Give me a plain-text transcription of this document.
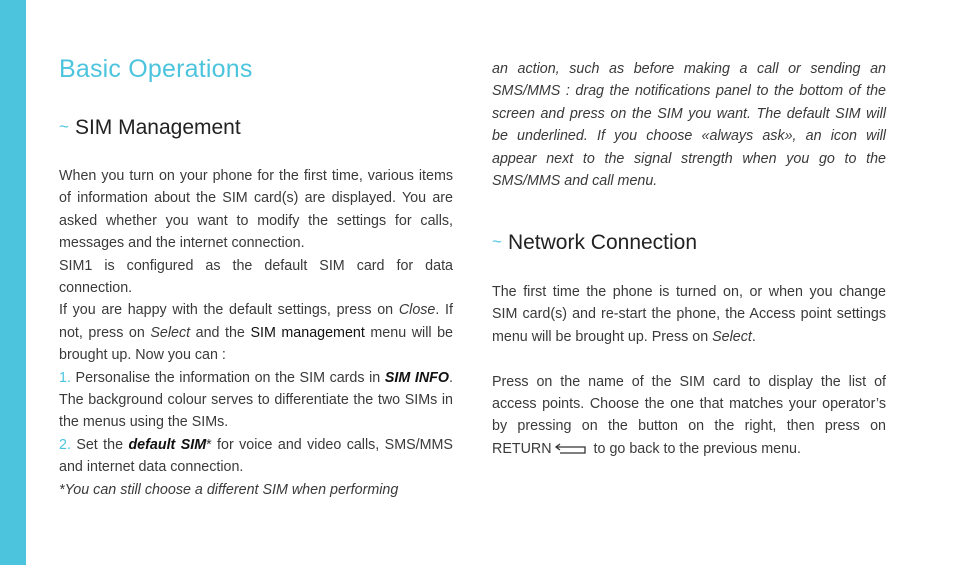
Basic Operations
~ SIM Management

When you turn on your phone for the first time, various items of information about the SIM card(s) are displayed. You are asked whether you want to modify the settings for calls, messages and the internet connection.

SIM1 is configured as the default SIM card for data connection.

If you are happy with the default settings, press on Close. If not, press on Select and the SIM management menu will be brought up. Now you can :

1. Personalise the information on the SIM cards in SIM INFO. The background colour serves to differentiate the two SIMs in the menus using the SIMs.

2. Set the default SIM* for voice and video calls, SMS/MMS and internet data connection.

*You can still choose a different SIM when performing

an action, such as before making a call or sending an SMS/MMS : drag the notifications panel to the bottom of the screen and press on the SIM you want. The default SIM will be underlined. If you choose «always ask», an icon will appear next to the signal strength when you go to the SMS/MMS and call menu.
~ Network Connection

The first time the phone is turned on, or when you change SIM card(s) and re-start the phone, the Access point settings menu will be brought up. Press on Select.

Press on the name of the SIM card to display the list of access points. Choose the one that matches your operator’s by pressing on the button on the right, then press on RETURN	to go back to the previous menu.
